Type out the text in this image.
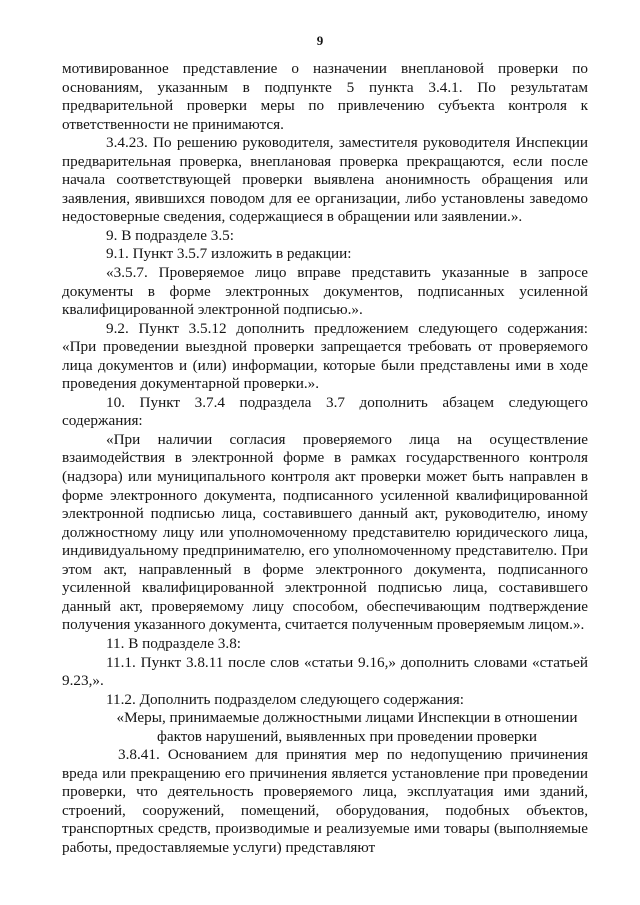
9

мотивированное представление о назначении внеплановой проверки по основаниям, указанным в подпункте 5 пункта 3.4.1. По результатам предварительной проверки меры по привлечению субъекта контроля к ответственности не принимаются.

3.4.23. По решению руководителя, заместителя руководителя Инспекции предварительная проверка, внеплановая проверка прекращаются, если после начала соответствующей проверки выявлена анонимность обращения или заявления, явившихся поводом для ее организации, либо установлены заведомо недостоверные сведения, содержащиеся в обращении или заявлении.».

9. В подразделе 3.5:

9.1. Пункт 3.5.7 изложить в редакции:

«3.5.7. Проверяемое лицо вправе представить указанные в запросе документы в форме электронных документов, подписанных усиленной квалифицированной электронной подписью.».

9.2. Пункт 3.5.12 дополнить предложением следующего содержания: «При проведении выездной проверки запрещается требовать от проверяемого лица документов и (или) информации, которые были представлены ими в ходе проведения документарной проверки.».

10. Пункт 3.7.4 подраздела 3.7 дополнить абзацем следующего содержания:

«При наличии согласия проверяемого лица на осуществление взаимодействия в электронной форме в рамках государственного контроля (надзора) или муниципального контроля акт проверки может быть направлен в форме электронного документа, подписанного усиленной квалифицированной электронной подписью лица, составившего данный акт, руководителю, иному должностному лицу или уполномоченному представителю юридического лица, индивидуальному предпринимателю, его уполномоченному представителю. При этом акт, направленный в форме электронного документа, подписанного усиленной квалифицированной электронной подписью лица, составившего данный акт, проверяемому лицу способом, обеспечивающим подтверждение получения указанного документа, считается полученным проверяемым лицом.».

11. В подразделе 3.8:

11.1. Пункт 3.8.11 после слов «статьи 9.16,» дополнить словами «статьей 9.23,».

11.2. Дополнить подразделом следующего содержания:

«Меры, принимаемые должностными лицами Инспекции в отношении фактов нарушений, выявленных при проведении проверки

3.8.41. Основанием для принятия мер по недопущению причинения вреда или прекращению его причинения является установление при проведении проверки, что деятельность проверяемого лица, эксплуатация ими зданий, строений, сооружений, помещений, оборудования, подобных объектов, транспортных средств, производимые и реализуемые ими товары (выполняемые работы, предоставляемые услуги) представляют
